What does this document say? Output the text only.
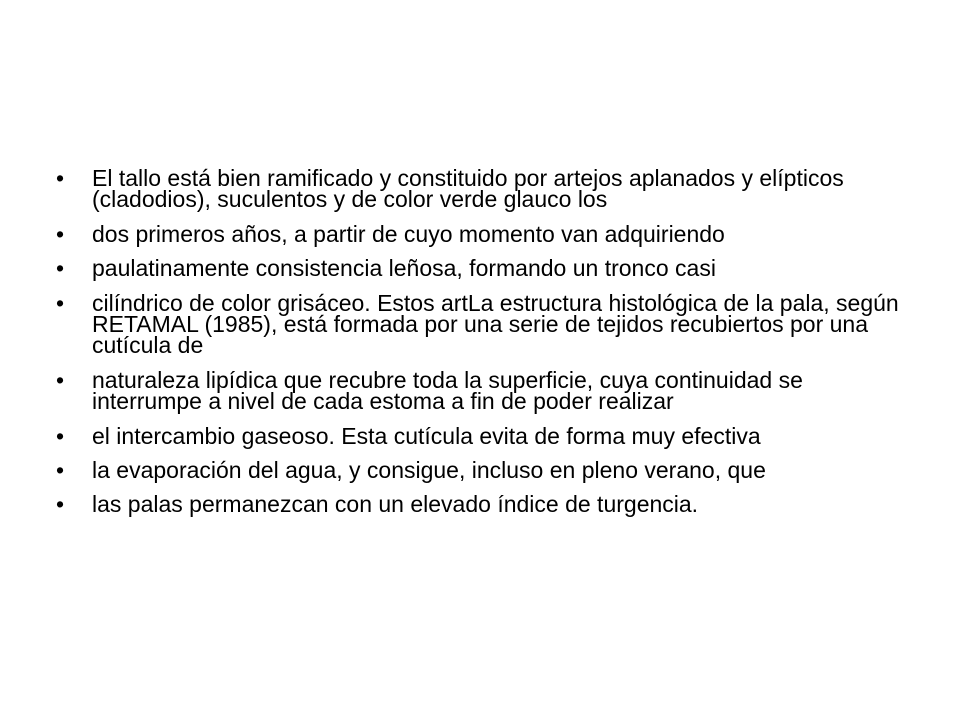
• El tallo está bien ramificado y constituido por artejos aplanados y elípticos (cladodios), suculentos y de color verde glauco los
• dos primeros años, a partir de cuyo momento van adquiriendo
• paulatinamente consistencia leñosa, formando un tronco casi
• cilíndrico de color grisáceo. Estos artLa estructura histológica de la pala, según RETAMAL (1985), está formada por una serie de tejidos recubiertos por una cutícula de
• naturaleza lipídica que recubre toda la superficie, cuya continuidad se interrumpe a nivel de cada estoma a fin de poder realizar
• el intercambio gaseoso. Esta cutícula evita de forma muy efectiva
• la evaporación del agua, y consigue, incluso en pleno verano, que
• las palas permanezcan con un elevado índice de turgencia.
